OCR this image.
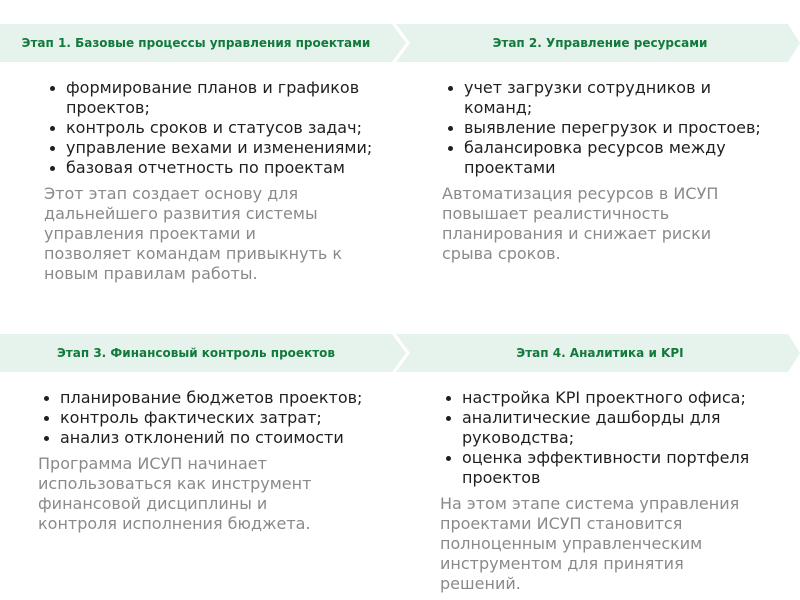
Этап 1. Базовые процессы управления проектами	Этап 2. Управление ресурсами
формирование планов и графиков проектов;
контроль сроков и статусов задач;
управление вехами и изменениями;
базовая отчетность по проектам
Этот этап создает основу для дальнейшего развития системы управления проектами и позволяет командам привыкнуть к новым правилам работы.
учет загрузки сотрудников и команд;
выявление перегрузок и простоев;
балансировка ресурсов между проектами
Автоматизация ресурсов в ИСУП повышает реалистичность планирования и снижает риски срыва сроков.
Этап 3. Финансовый контроль проектов	Этап 4. Аналитика и KPI
планирование бюджетов проектов;
контроль фактических затрат;
анализ отклонений по стоимости
Программа ИСУП начинает использоваться как инструмент финансовой дисциплины и контроля исполнения бюджета.
настройка KPI проектного офиса;
аналитические дашборды для руководства;
оценка эффективности портфеля проектов
На этом этапе система управления проектами ИСУП становится полноценным управленческим инструментом для принятия решений.
